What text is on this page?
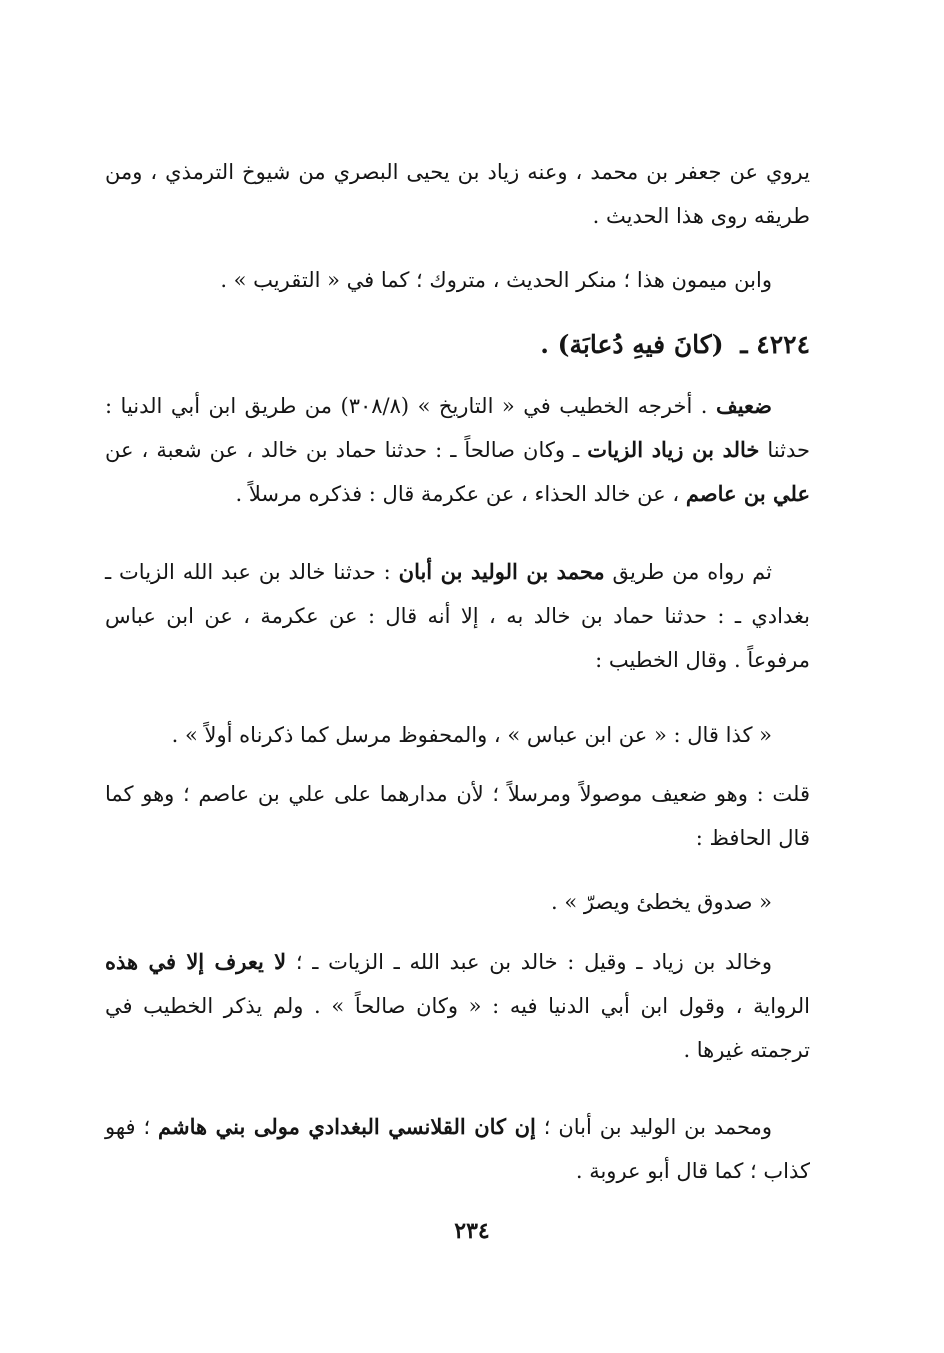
يروي عن جعفر بن محمد ، وعنه زياد بن يحيى البصري من شيوخ الترمذي ، ومن طريقه روى هذا الحديث .

وابن ميمون هذا ؛ منكر الحديث ، متروك ؛ كما في « التقريب » .

٤٢٢٤ ـ (كانَ فيهِ دُعابَة) .

ضعيف . أخرجه الخطيب في « التاريخ » (٣٠٨/٨) من طريق ابن أبي الدنيا : حدثنا خالد بن زياد الزيات ـ وكان صالحاً ـ : حدثنا حماد بن خالد ، عن شعبة ، عن علي بن عاصم ، عن خالد الحذاء ، عن عكرمة قال : فذكره مرسلاً .

ثم رواه من طريق محمد بن الوليد بن أبان : حدثنا خالد بن عبد الله الزيات ـ بغدادي ـ : حدثنا حماد بن خالد به ، إلا أنه قال : عن عكرمة ، عن ابن عباس مرفوعاً . وقال الخطيب :

« كذا قال : « عن ابن عباس » ، والمحفوظ مرسل كما ذكرناه أولاً » .

قلت : وهو ضعيف موصولاً ومرسلاً ؛ لأن مدارهما على علي بن عاصم ؛ وهو كما قال الحافظ :

« صدوق يخطئ ويصرّ » .

وخالد بن زياد ـ وقيل : خالد بن عبد الله ـ الزيات ـ ؛ لا يعرف إلا في هذه الرواية ، وقول ابن أبي الدنيا فيه : « وكان صالحاً » . ولم يذكر الخطيب في ترجمته غيرها .

ومحمد بن الوليد بن أبان ؛ إن كان القلانسي البغدادي مولى بني هاشم ؛ فهو كذاب ؛ كما قال أبو عروبة .

٢٣٤
